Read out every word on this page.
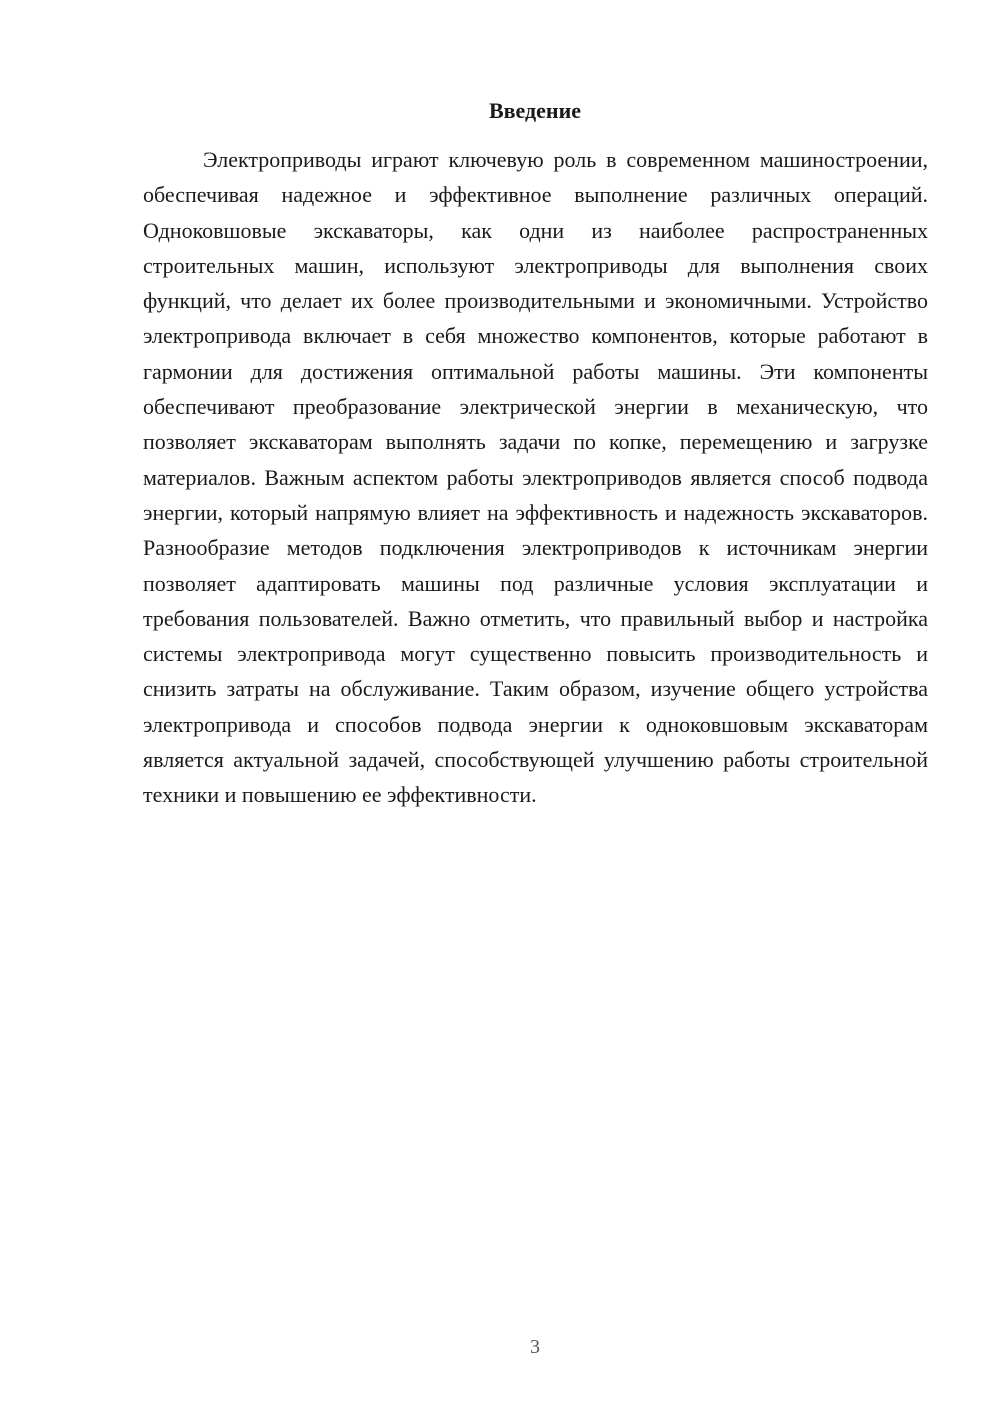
Введение

Электроприводы играют ключевую роль в современном машиностроении, обеспечивая надежное и эффективное выполнение различных операций. Одноковшовые экскаваторы, как одни из наиболее распространенных строительных машин, используют электроприводы для выполнения своих функций, что делает их более производительными и экономичными. Устройство электропривода включает в себя множество компонентов, которые работают в гармонии для достижения оптимальной работы машины. Эти компоненты обеспечивают преобразование электрической энергии в механическую, что позволяет экскаваторам выполнять задачи по копке, перемещению и загрузке материалов. Важным аспектом работы электроприводов является способ подвода энергии, который напрямую влияет на эффективность и надежность экскаваторов. Разнообразие методов подключения электроприводов к источникам энергии позволяет адаптировать машины под различные условия эксплуатации и требования пользователей. Важно отметить, что правильный выбор и настройка системы электропривода могут существенно повысить производительность и снизить затраты на обслуживание. Таким образом, изучение общего устройства электропривода и способов подвода энергии к одноковшовым экскаваторам является актуальной задачей, способствующей улучшению работы строительной техники и повышению ее эффективности.

3
